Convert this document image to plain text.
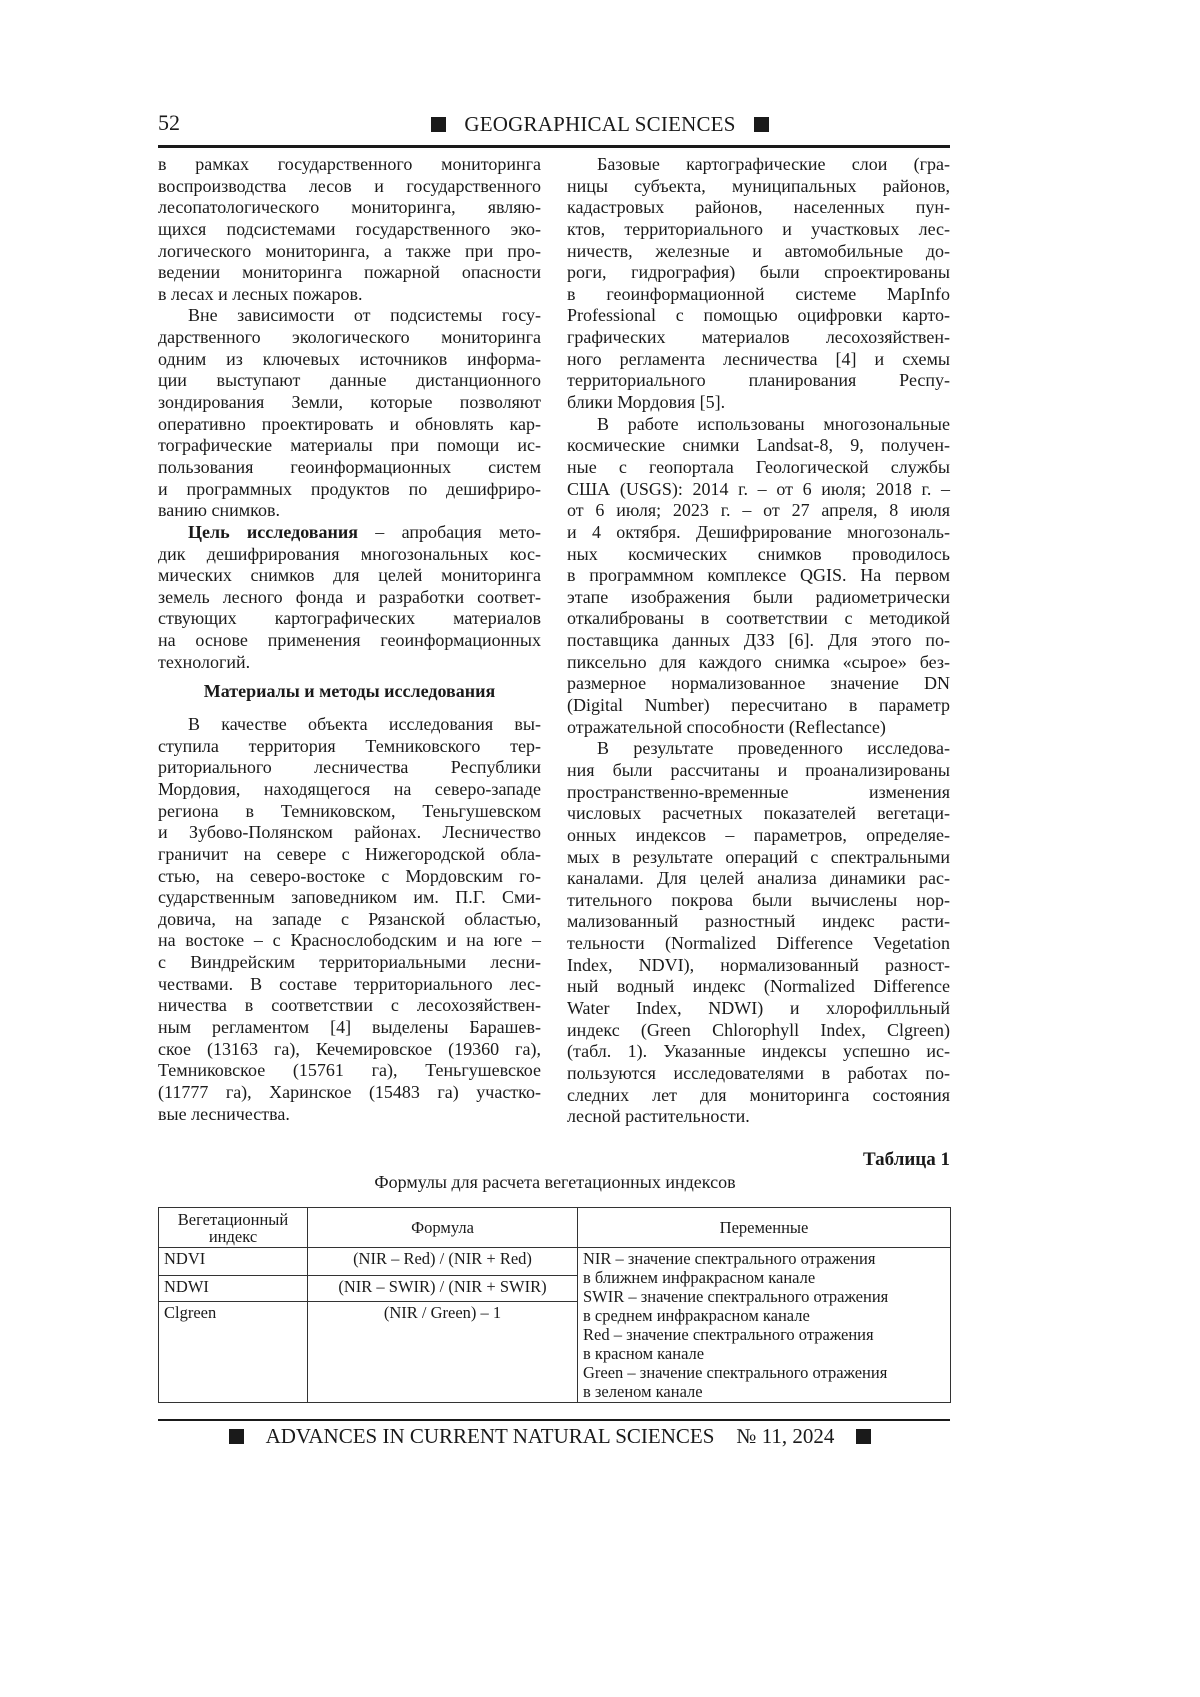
52	GEOGRAPHICAL SCIENCES
в рамках государственного мониторинга
воспроизводства лесов и государственного
лесопатологического мониторинга, являю-
щихся подсистемами государственного эко-
логического мониторинга, а также при про-
ведении мониторинга пожарной опасности
в лесах и лесных пожаров.
Вне зависимости от подсистемы госу-
дарственного экологического мониторинга
одним из ключевых источников информа-
ции выступают данные дистанционного
зондирования Земли, которые позволяют
оперативно проектировать и обновлять кар-
тографические материалы при помощи ис-
пользования геоинформационных систем
и программных продуктов по дешифриро-
ванию снимков.
Цель исследования – апробация мето-
дик дешифрирования многозональных кос-
мических снимков для целей мониторинга
земель лесного фонда и разработки соответ-
ствующих картографических материалов
на основе применения геоинформационных
технологий.
Материалы и методы исследования
В качестве объекта исследования вы-
ступила территория Темниковского тер-
риториального лесничества Республики
Мордовия, находящегося на северо-западе
региона в Темниковском, Теньгушевском
и Зубово-Полянском районах. Лесничество
граничит на севере с Нижегородской обла-
стью, на северо-востоке с Мордовским го-
сударственным заповедником им. П.Г. Сми-
довича, на западе с Рязанской областью,
на востоке – с Краснослободским и на юге –
с Виндрейским территориальными лесни-
чествами. В составе территориального лес-
ничества в соответствии с лесохозяйствен-
ным регламентом [4] выделены Барашев-
ское (13163 га), Кечемировское (19360 га),
Темниковское (15761 га), Теньгушевское
(11777 га), Харинское (15483 га) участко-
вые лесничества.
Базовые картографические слои (гра-
ницы субъекта, муниципальных районов,
кадастровых районов, населенных пун-
ктов, территориального и участковых лес-
ничеств, железные и автомобильные до-
роги, гидрография) были спроектированы
в геоинформационной системе MapInfo
Professional с помощью оцифровки карто-
графических материалов лесохозяйствен-
ного регламента лесничества [4] и схемы
территориального планирования Респу-
блики Мордовия [5].
В работе использованы многозональные
космические снимки Landsat-8, 9, получен-
ные с геопортала Геологической службы
США (USGS): 2014 г. – от 6 июля; 2018 г. –
от 6 июля; 2023 г. – от 27 апреля, 8 июля
и 4 октября. Дешифрирование многозональ-
ных космических снимков проводилось
в программном комплексе QGIS. На первом
этапе изображения были радиометрически
откалиброваны в соответствии с методикой
поставщика данных ДЗЗ [6]. Для этого по-
пиксельно для каждого снимка «сырое» без-
размерное нормализованное значение DN
(Digital Number) пересчитано в параметр
отражательной способности (Reflectance)
В результате проведенного исследова-
ния были рассчитаны и проанализированы
пространственно-временные изменения
числовых расчетных показателей вегетаци-
онных индексов – параметров, определяе-
мых в результате операций с спектральными
каналами. Для целей анализа динамики рас-
тительного покрова были вычислены нор-
мализованный разностный индекс расти-
тельности (Normalized Difference Vegetation
Index, NDVI), нормализованный разност-
ный водный индекс (Normalized Difference
Water Index, NDWI) и хлорофилльный
индекс (Green Chlorophyll Index, Clgreen)
(табл. 1). Указанные индексы успешно ис-
пользуются исследователями в работах по-
следних лет для мониторинга состояния
лесной растительности.
Таблица 1
Формулы для расчета вегетационных индексов
Вегетационный индекс	Формула	Переменные
NDVI	(NIR – Red) / (NIR + Red)	NIR – значение спектрального отражения
в ближнем инфракрасном канале
SWIR – значение спектрального отражения
в среднем инфракрасном канале
Red – значение спектрального отражения
в красном канале
Green – значение спектрального отражения
в зеленом канале

NDWI	(NIR – SWIR) / (NIR + SWIR)
Clgreen	(NIR / Green) – 1
ADVANCES IN CURRENT NATURAL SCIENCES № 11, 2024
